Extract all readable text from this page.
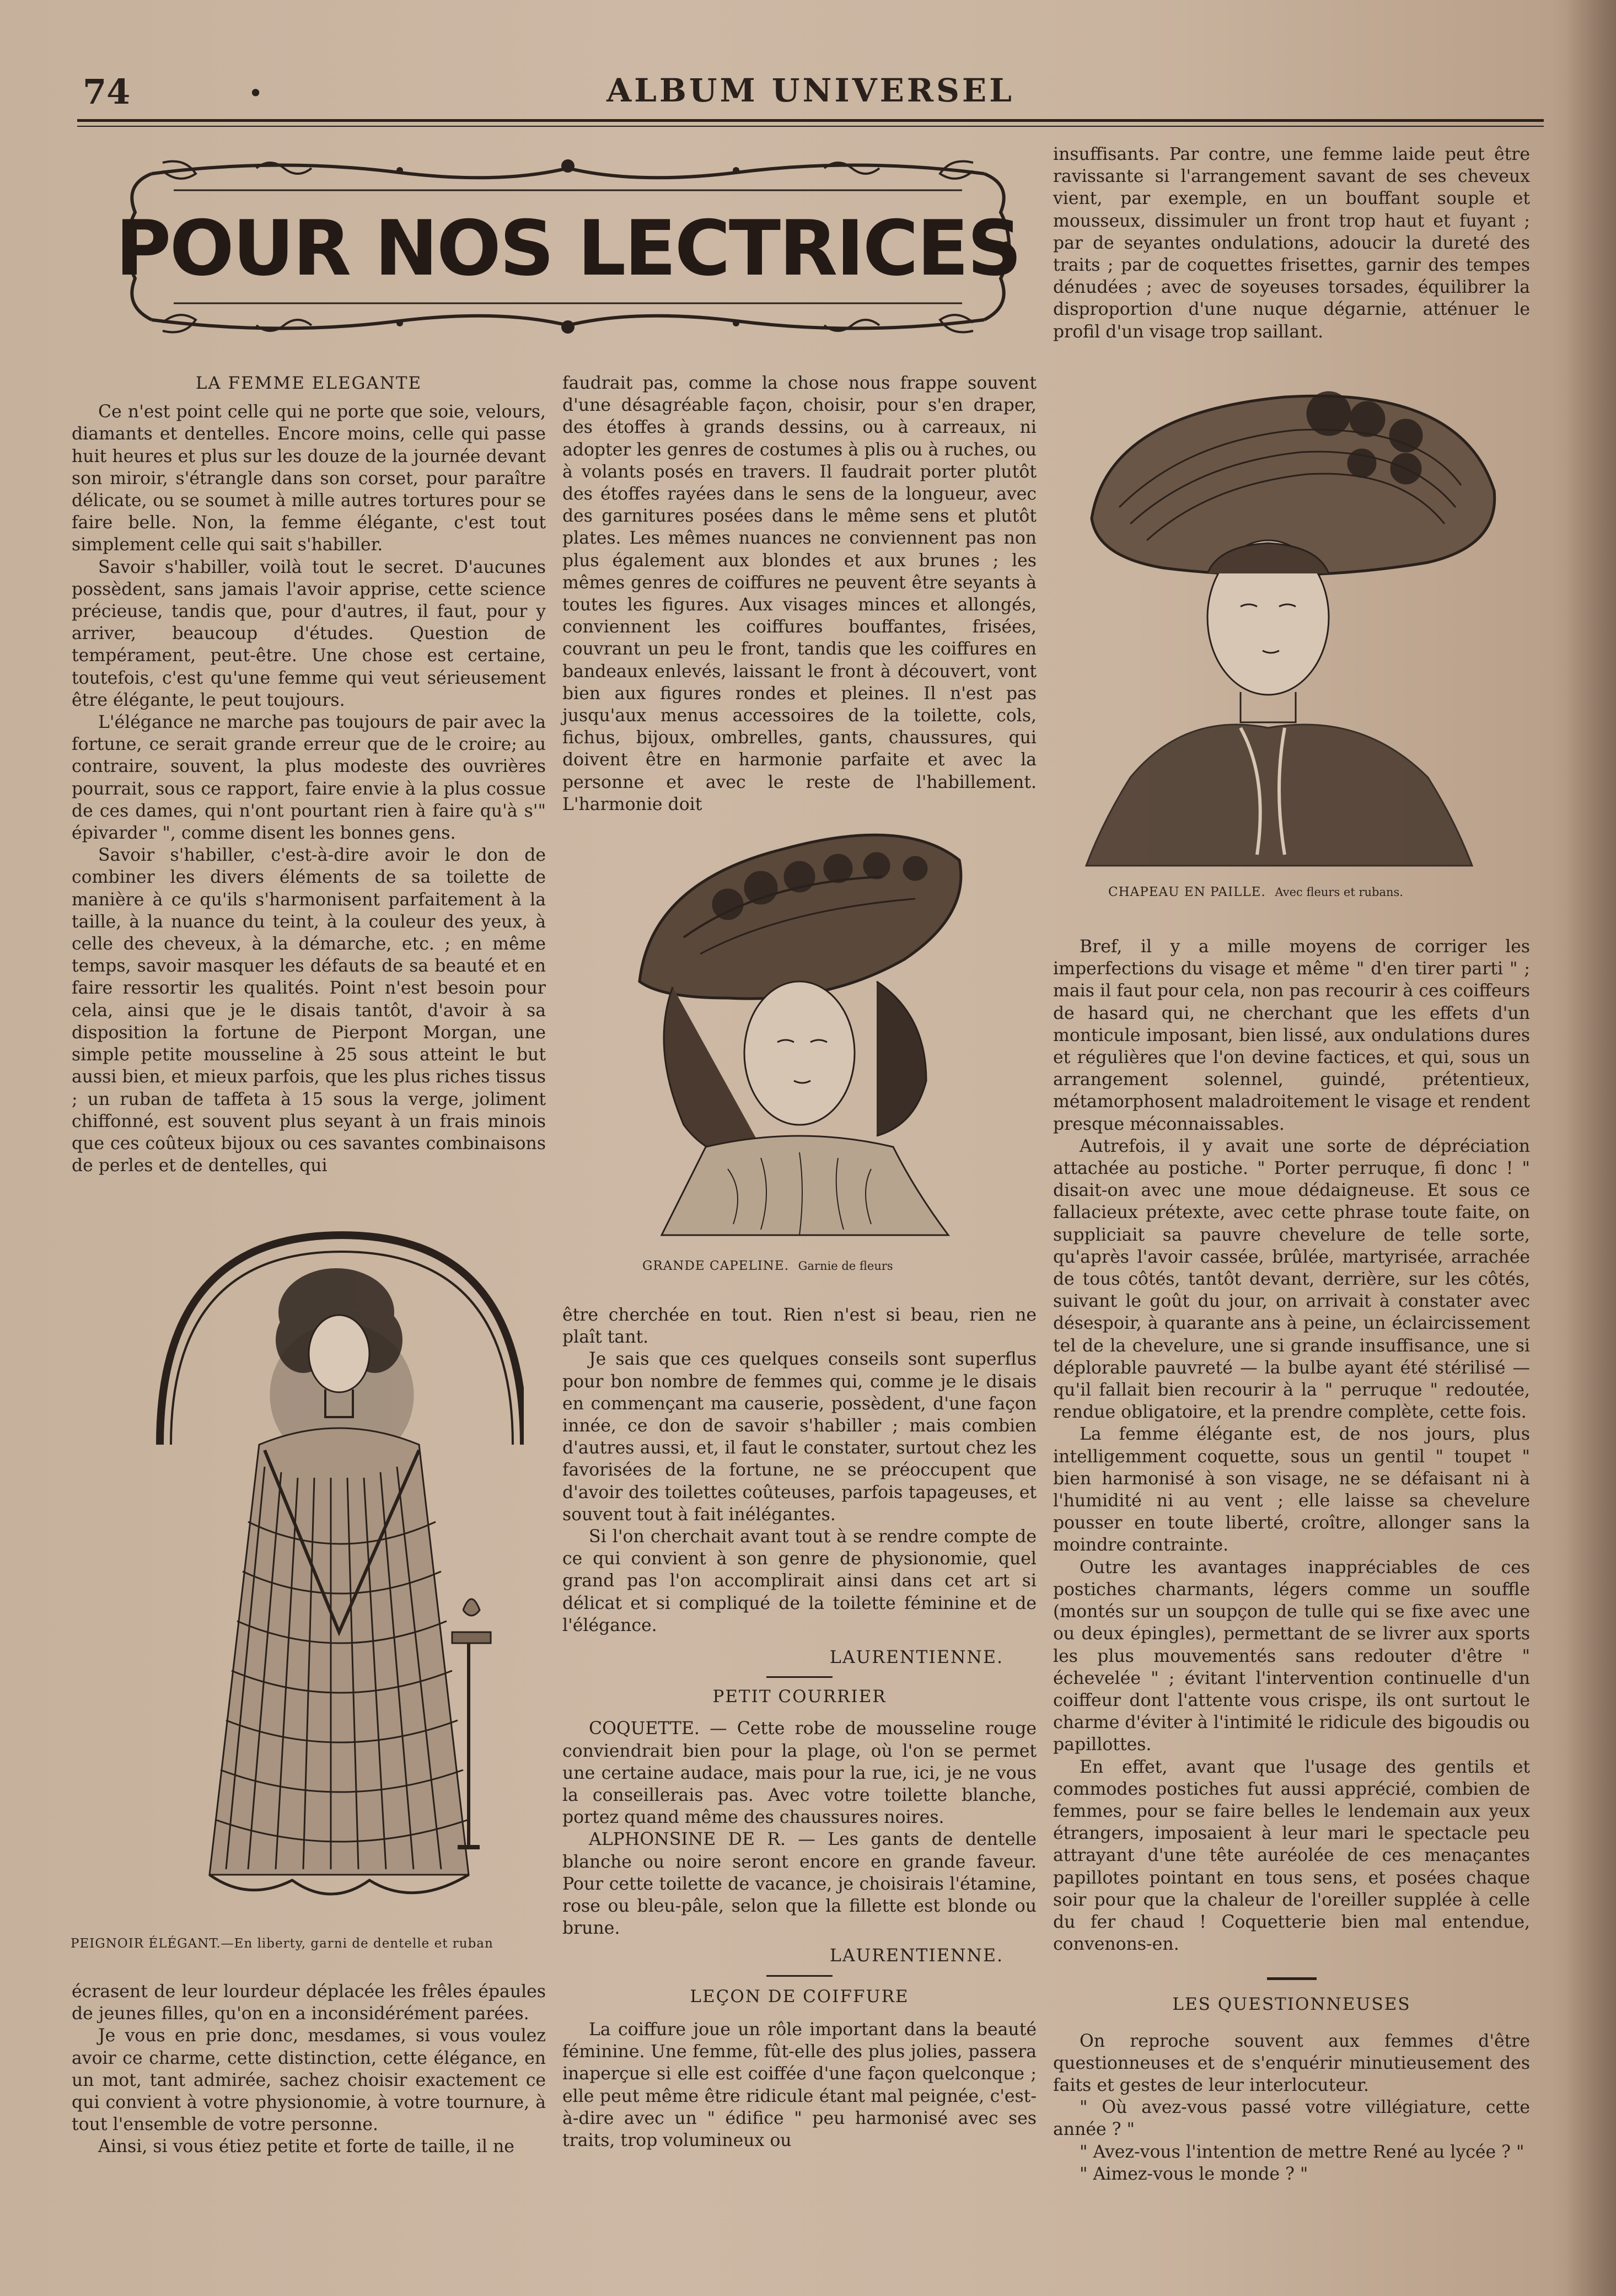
74	•	ALBUM UNIVERSEL
POUR NOS LECTRICES

LA FEMME ELEGANTE

Ce n'est point celle qui ne porte que soie, velours, diamants et dentelles. Encore moins, celle qui passe huit heures et plus sur les douze de la journée devant son miroir, s'étrangle dans son corset, pour paraître délicate, ou se soumet à mille autres tortures pour se faire belle. Non, la femme élégante, c'est tout simplement celle qui sait s'habiller.

Savoir s'habiller, voilà tout le secret. D'aucunes possèdent, sans jamais l'avoir apprise, cette science précieuse, tandis que, pour d'autres, il faut, pour y arriver, beaucoup d'études. Question de tempérament, peut-être. Une chose est certaine, toutefois, c'est qu'une femme qui veut sérieusement être élégante, le peut toujours.

L'élégance ne marche pas toujours de pair avec la fortune, ce serait grande erreur que de le croire; au contraire, souvent, la plus modeste des ouvrières pourrait, sous ce rapport, faire envie à la plus cossue de ces dames, qui n'ont pourtant rien à faire qu'à s'" épivarder ", comme disent les bonnes gens.

Savoir s'habiller, c'est-à-dire avoir le don de combiner les divers éléments de sa toilette de manière à ce qu'ils s'harmonisent parfaitement à la taille, à la nuance du teint, à la couleur des yeux, à celle des cheveux, à la démarche, etc. ; en même temps, savoir masquer les défauts de sa beauté et en faire ressortir les qualités. Point n'est besoin pour cela, ainsi que je le disais tantôt, d'avoir à sa disposition la fortune de Pierpont Morgan, une simple petite mousseline à 25 sous atteint le but aussi bien, et mieux parfois, que les plus riches tissus ; un ruban de taffeta à 15 sous la verge, joliment chiffonné, est souvent plus seyant à un frais minois que ces coûteux bijoux ou ces savantes combinaisons de perles et de dentelles, qui

PEIGNOIR ÉLÉGANT.—En liberty, garni de dentelle et ruban

écrasent de leur lourdeur déplacée les frêles épaules de jeunes filles, qu'on en a inconsidérément parées.

Je vous en prie donc, mesdames, si vous voulez avoir ce charme, cette distinction, cette élégance, en un mot, tant admirée, sachez choisir exactement ce qui convient à votre physionomie, à votre tournure, à tout l'ensemble de votre personne.

Ainsi, si vous étiez petite et forte de taille, il ne

faudrait pas, comme la chose nous frappe souvent d'une désagréable façon, choisir, pour s'en draper, des étoffes à grands dessins, ou à carreaux, ni adopter les genres de costumes à plis ou à ruches, ou à volants posés en travers. Il faudrait porter plutôt des étoffes rayées dans le sens de la longueur, avec des garnitures posées dans le même sens et plutôt plates. Les mêmes nuances ne conviennent pas non plus également aux blondes et aux brunes ; les mêmes genres de coiffures ne peuvent être seyants à toutes les figures. Aux visages minces et allongés, conviennent les coiffures bouffantes, frisées, couvrant un peu le front, tandis que les coiffures en bandeaux enlevés, laissant le front à découvert, vont bien aux figures rondes et pleines. Il n'est pas jusqu'aux menus accessoires de la toilette, cols, fichus, bijoux, ombrelles, gants, chaussures, qui doivent être en harmonie parfaite et avec la personne et avec le reste de l'habillement. L'harmonie doit

GRANDE CAPELINE. Garnie de fleurs

être cherchée en tout. Rien n'est si beau, rien ne plaît tant.

Je sais que ces quelques conseils sont superflus pour bon nombre de femmes qui, comme je le disais en commençant ma causerie, possèdent, d'une façon innée, ce don de savoir s'habiller ; mais combien d'autres aussi, et, il faut le constater, surtout chez les favorisées de la fortune, ne se préoccupent que d'avoir des toilettes coûteuses, parfois tapageuses, et souvent tout à fait inélégantes.

Si l'on cherchait avant tout à se rendre compte de ce qui convient à son genre de physionomie, quel grand pas l'on accomplirait ainsi dans cet art si délicat et si compliqué de la toilette féminine et de l'élégance.

LAURENTIENNE.

PETIT COURRIER

COQUETTE. — Cette robe de mousseline rouge conviendrait bien pour la plage, où l'on se permet une certaine audace, mais pour la rue, ici, je ne vous la conseillerais pas. Avec votre toilette blanche, portez quand même des chaussures noires.

ALPHONSINE DE R. — Les gants de dentelle blanche ou noire seront encore en grande faveur. Pour cette toilette de vacance, je choisirais l'étamine, rose ou bleu-pâle, selon que la fillette est blonde ou brune.

LAURENTIENNE.

LEÇON DE COIFFURE

La coiffure joue un rôle important dans la beauté féminine. Une femme, fût-elle des plus jolies, passera inaperçue si elle est coiffée d'une façon quelconque ; elle peut même être ridicule étant mal peignée, c'est-à-dire avec un " édifice " peu harmonisé avec ses traits, trop volumineux ou

insuffisants. Par contre, une femme laide peut être ravissante si l'arrangement savant de ses cheveux vient, par exemple, en un bouffant souple et mousseux, dissimuler un front trop haut et fuyant ; par de seyantes ondulations, adoucir la dureté des traits ; par de coquettes frisettes, garnir des tempes dénudées ; avec de soyeuses torsades, équilibrer la disproportion d'une nuque dégarnie, atténuer le profil d'un visage trop saillant.

CHAPEAU EN PAILLE. Avec fleurs et rubans.

Bref, il y a mille moyens de corriger les imperfections du visage et même " d'en tirer parti " ; mais il faut pour cela, non pas recourir à ces coiffeurs de hasard qui, ne cherchant que les effets d'un monticule imposant, bien lissé, aux ondulations dures et régulières que l'on devine factices, et qui, sous un arrangement solennel, guindé, prétentieux, métamorphosent maladroitement le visage et rendent presque méconnaissables.

Autrefois, il y avait une sorte de dépréciation attachée au postiche. " Porter perruque, fi donc ! " disait-on avec une moue dédaigneuse. Et sous ce fallacieux prétexte, avec cette phrase toute faite, on suppliciait sa pauvre chevelure de telle sorte, qu'après l'avoir cassée, brûlée, martyrisée, arrachée de tous côtés, tantôt devant, derrière, sur les côtés, suivant le goût du jour, on arrivait à constater avec désespoir, à quarante ans à peine, un éclaircissement tel de la chevelure, une si grande insuffisance, une si déplorable pauvreté — la bulbe ayant été stérilisé — qu'il fallait bien recourir à la " perruque " redoutée, rendue obligatoire, et la prendre complète, cette fois.

La femme élégante est, de nos jours, plus intelligemment coquette, sous un gentil " toupet " bien harmonisé à son visage, ne se défaisant ni à l'humidité ni au vent ; elle laisse sa chevelure pousser en toute liberté, croître, allonger sans la moindre contrainte.

Outre les avantages inappréciables de ces postiches charmants, légers comme un souffle (montés sur un soupçon de tulle qui se fixe avec une ou deux épingles), permettant de se livrer aux sports les plus mouvementés sans redouter d'être " échevelée " ; évitant l'intervention continuelle d'un coiffeur dont l'attente vous crispe, ils ont surtout le charme d'éviter à l'intimité le ridicule des bigoudis ou papillottes.

En effet, avant que l'usage des gentils et commodes postiches fut aussi apprécié, combien de femmes, pour se faire belles le lendemain aux yeux étrangers, imposaient à leur mari le spectacle peu attrayant d'une tête auréolée de ces menaçantes papillotes pointant en tous sens, et posées chaque soir pour que la chaleur de l'oreiller supplée à celle du fer chaud ! Coquetterie bien mal entendue, convenons-en.

LES QUESTIONNEUSES

On reproche souvent aux femmes d'être questionneuses et de s'enquérir minutieusement des faits et gestes de leur interlocuteur.

" Où avez-vous passé votre villégiature, cette année ? "

" Avez-vous l'intention de mettre René au lycée ? "

" Aimez-vous le monde ? "
